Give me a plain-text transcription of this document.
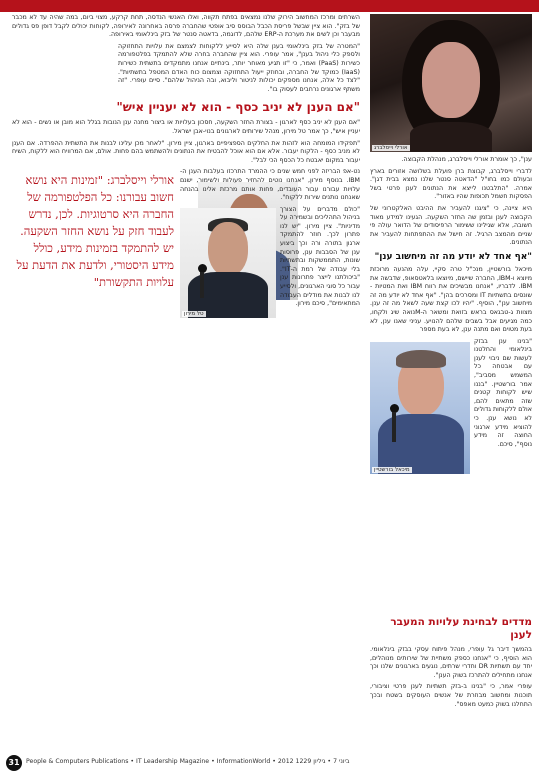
אורלי וייסלברג

ענן", כך אומרת אורלי וייסלברג, מנהלת הקבוצה.

לדברי וייסלברג, קבוצת ברן פועלת בשלושה אזורים בארץ ובעולם כמו בחו"ל "הדאטה סנטר שלנו נמצא בבית דגן". אמרה. "התלבטנו לייצא את הנתונים לענן פרטי בשל הפסקות חשמל תכופות שהיו באזור".

היא ציינה, כי "ציגנו להעביר את ההיבט האלקטרוני של הקבוצה לענן ובזמן שה החזר השקעה. הגעינו למידע מאוד חשובה, אלא שגילינו ששימור הרפיסודים של הדואר עולה פי שניים מהמצב הרגיל. זה חישל את ההתפתחות להעביר את הנתונים.

"אף אחד לא יודע מה זה מיחשוב ענן"

מיכאל בורשטיין, מנכ"ל טרה סקיי, עלה מהנעה מרוכזת מיוצא ו-IBM, החברה שיישם, מיוצאו בלאטסאופ, שדבשה את IBM. לדבריו, "אנחנו מבשיכים את רווח IBM ואת המטיות - שונסים בתשתיות IT ומסרכים בהן". "אף אחד לא יודע מה זה מיחשוב ענן", הוסיף. "יהיו לכו קצת שעה לשאל מה זה ענן. מצוות ג-טבגאס בראש בזואת ומשאר ה-Mנואה שיג ולקחו, כמה מגיעים אבל בשבים שלהם להנויע. עניני שאנו ענן, לא בעת מטוים ואם מתנה ענן, לא בעת מספר

מיכאל בורשטיין

"בנינו ענן בבזק בינלאומי והחלטנו לעשות שם ניבוי לענן עם אבטחה כל המשמש מסביב", אמר בורשטיין. "בננו שיש לקוחות קטנים שזה מתאים להם, אולם ללקוחות גדולים לא נושא ענן. כי להוציא מידע ארגוני החוצה זה מידע נוסף", סיכם.

השרתים ומרכז המחשוב הירוק שלנו נמצאים בפתח תקווה, ואלו האנשי הנדסה, תחת קרקע, מצוי ביום, במה שהיה עד לא מכבר של בזק". הוא ציין שבשל פריסת הכבל הבוסס סיב אופטי שהחברה פרסה באחרונה לאירופה, לקוחות יכולים לקבל דופן פס גדולים מבעבר וכן לשים את מערכת ה-ERP שלהם, לדוגמה, בדאטה סנטר של בזק בינלאומי באירופה.

"המטרה של בזק בינלאומי בענן שלה היא לסייע ללקוחות לצמצם את עלויות התחזוקה ולספק כלי ניהול בענן", אמר עופרי. הוא ציין שהחברה בחרה שלא להתמקד בפלטפורמה כשירות (PaaS) ואמר, כי "זו תגיע מאוחר יותר, בינתיים אנחנו מתמקדים בתשתית כשירות (IaaS) כמוקד של החברה, ובחוזק ייעול התחזוקה וצמצום כוח האדם המטפל בתשתיות". "לצד כל אלה, אנחנו מספקים יכולות לניטור וליבוא, ובה הניהול שלהם". סיים עופרי. "זה משתף ארגונים נרחבים לעסוק בו".

"אם הענן לא יניב כסף - הוא לא יעניין איש"

"אם הענן לא יניב כסף לארגון - בצורת החזר השקעה, חסכון בעלויות או ביצור מחנה ענן הנובות בגלל הוא מובן או נשים - הוא לא יעניין איש", כך אמר טל מירון, מנהל שירותים לארגונים בנוי-אבן ישראל.

"תפקידו המומחה הוא לזהות את החלקים הספציפיים בארגון, ציין מירון. "לאחר מכן עלינו לבנות את התשתית ההפרדה. אם הענן לא מניב כסף - הלקוח יעבור. אלא אם הוא אוכל להבטיח את הנתונים ולהשתמש בהם פחות. אולם, אם המרוויח הוא ללקוח, השיח יעבור במקום יאבטח כל הכסף הכי לבל".

אורלי וייסלברג: "זמינות היא נושא חשוב עבורנו: כל הפלטפורמה של החברה היא סרטוגיות. לכן, נדרש לעבוד חזק על נושא החזר השקעה. יש להתמקד בזמינות מידע, כולל מידע היסטורי, ולדעת את הדעת על עלויות התקשורת"

נט-אפ הבריזה לפני חמש שנים כי ההמרד התרכזו בעלבות הענן ה-IBM. בנוסף מירון, "אנחנו נוטים להחזיר פעולות ולשימור, ישנם עלויות עבורנו עבור העובדים, פחות אותם מרכזת אלינו בהנחה שאנחנו נותנים שירות ללקוח".

טל מירון

"כולם מדברים על הצורך בניהול התהליכים ובשמירה על מדיניות". ציין מירון. "יש לנו פתרון לכך. חוזר להתמקד ארגון בתורה ורה וכך ביצוע ענן של הסבבות ענן, פרוסות שונות, התממשקות ובתשתיות בלי עבודה של רמת ה-IT". "ביכולתנו לייצר פתרונות ענן עבור כל סוגי הארגונים, ולסייע לנו לבנות את מודלים העבודה המתאימים", סיכם מירון.

מדדים לבחינת עלויות המעבר לענן

בהמשך דיבר גל עופרי, מנהל פיתוח עסקי בבזק בינלאומי. הוא הוסיף, כי "אנחנו כספק משתיית של שירותים מנוהלים, יחד עם תשתיות DR וחדרי שרתים, נוגעים בארגונים שלנו וכך אנחנו מתחילים להתרכז בשוק הענן".

עופרי אמר, כי "בנינו ב-בזק תשתיות לענן פרטי וציבורי, תוכנות ומחשוב מבוזרת של אנשים העוסקים בשטח ובכך התחלנו בשוק כמעט מאפס".

31	People & Computers Publications • IT Leadership Magazine • InformationWorld • 2012 ביוני 7 • גיליון 1229
